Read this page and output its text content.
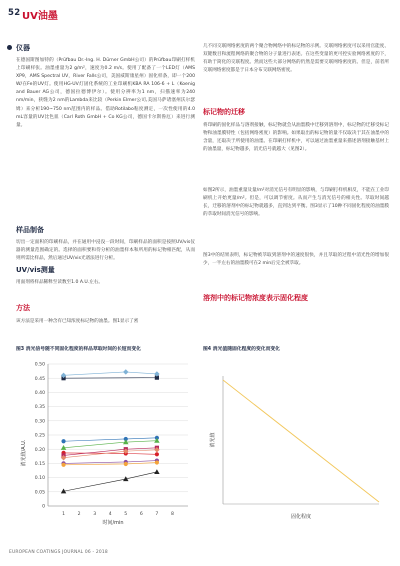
52 UV油墨
仪器
在德国斯图加特的（Prüfbau Dr.-Ing. H. Dürner GmbH公司）的Prüfbau印刷打样机上印刷样张。油墨重量为2 g/m²，速度为0.2 m/s。使用了配备了一个LED灯（AMS XP9，AMS Spectral UV，River Falls公司，美国威斯康星州）固化样条，即一个200 W/在Fe的UV灯。使用HG-UV灯固化系统的工业印刷机KBA RA 106-6 + L（Koenig and Bauer AG公司，德国拉德博伊尔）。使用分辨率为1 nm，扫描速率为240 nm/min，狭缝为2 nm的Lambda来比较（Perkin Elmer公司,美国马萨诸塞州沃尔瑟姆）来分析190~750 nm范围内的样品。借助Rotilabo粘度测定，一次性使用的4.0 mL容量的UV比色皿（Carl Roth GmbH + Co KG公司，德国卡尔斯鲁厄）来进行测量。
样品制备
切出一定面积的印刷样品，并在通用中浸没一段时间，印刷样品的面积是按照UV/vis仪器的测量范围确定的。选择的面积要和待分析的油墨样本和所用的标记物相匹配，从而则所需比样品，然后通过UV/vis光谱法进行分析。
UV/vis测量
用面剂将样品稀释至读数至1.0 A.U.左右。
方法
该方法是采用一种含有已知浓度标记物的油墨。图1显示了密
几不同交联网络密度的两个聚合物网络中的标记物的示例。交联网络密度可以采用官能度、双键数目和流程网络的聚合物的分子量进行表述。在这些变量的更可控实验网络密度的下，有助于简化的交联程度。然而这些大部分网络的仍然是需要交联网络密度的。但是，前者所交联网络密度都是于日本分布交联网络密度。
标记物的迁移
将印刷的固化样品与溶剂接触，标记物就会从油墨膜中迁移到溶剂中，标记物的迁移受标记物和油墨膜特性（包括网络密度）的影响。如果取出的标记物的量不仅取决于其在油墨中的含量，还取决于所使用的油墨。在印刷打样机中，可以通过油墨重量来描述溶剂接触基材上的油墨量，标记物越多，消光信号就越大（见图2）。
如图2所示，油墨重量及量/m²对消光信号有明显的影响，与印刷打样机相反，不能在工业印刷机上开始更量/m²。但是，可以调节密度。从而产生与消光信号的相关性。萃取时间越长，迁移的溶剂中的标记物就越多，直到达到平衡。图3显示了10种不同固化程度的油墨膜的萃取时间消光信号的影响。
图3中的结果表明，标记物被萃取到溶剂中的速度很快，并且萃取的过程中消光性的增加很少，一半左右的油墨膜可在2 min后完全被萃取。
溶剂中的标记物浓度表示固化程度
图3 消光信号随不同固化程度的样品萃取时间的长短而变化
0.50
0.45
0.40
0.35
0.30
0.25
0.20
0.15
0.10
0.05
0
1	2	3	4	5	6	7	8
消光值/A.U.
时间/min
图4 消光值随固化程度的变化而变化
消光值
固化程度
EUROPEAN COATINGS JOURNAL 06 - 2018
